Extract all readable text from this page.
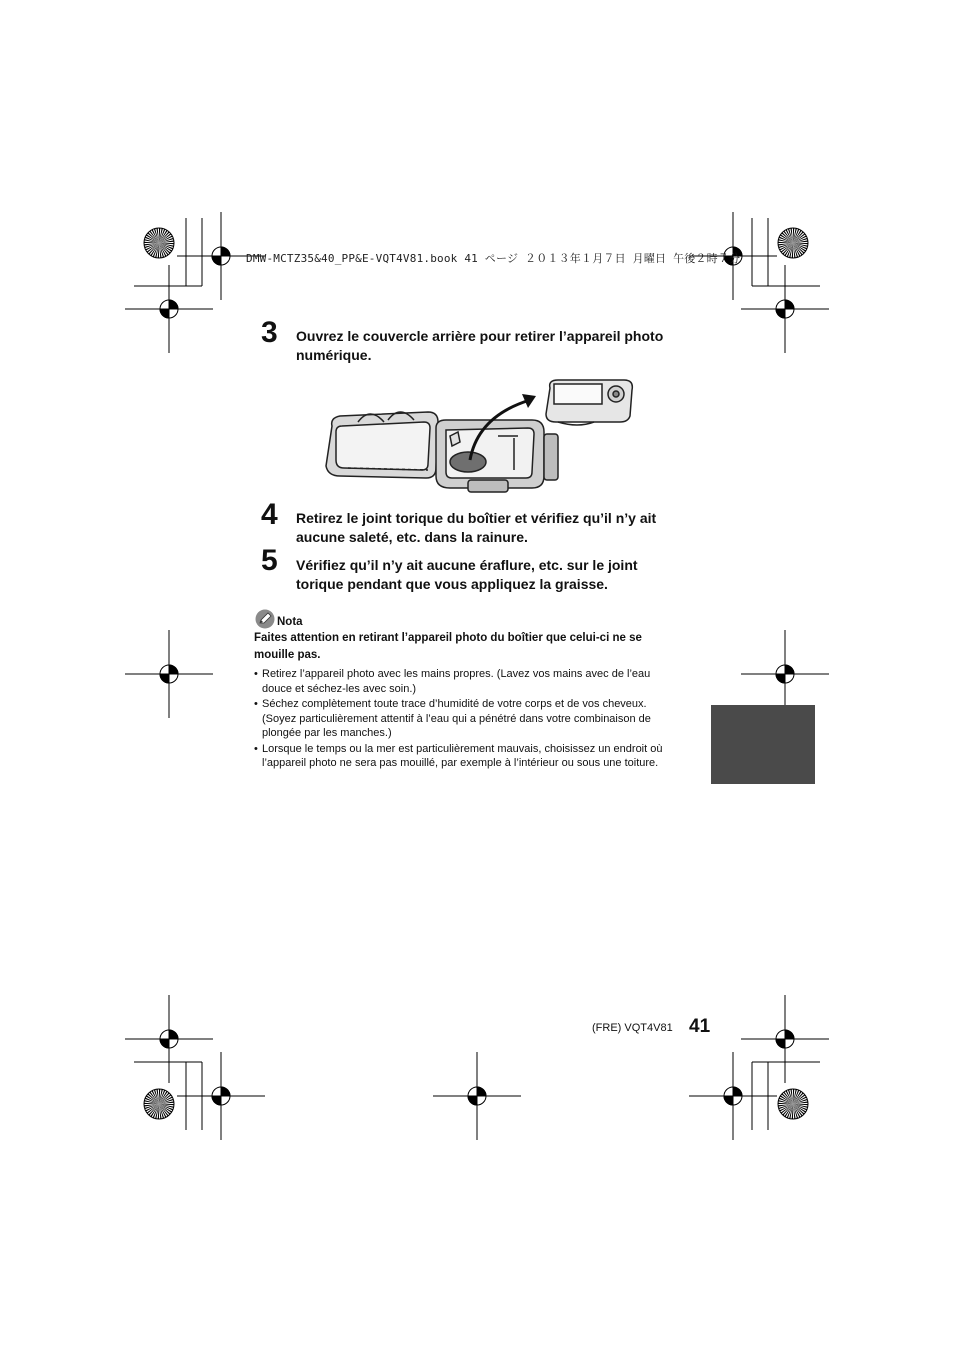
DMW-MCTZ35&40_PP&E-VQT4V81.book 41 ページ ２０１３年１月７日 月曜日 午後２時７分
3 Ouvrez le couvercle arrière pour retirer l’appareil photo
numérique.
4 Retirez le joint torique du boîtier et vérifiez qu’il n’y ait
aucune saleté, etc. dans la rainure.
5 Vérifiez qu’il n’y ait aucune éraflure, etc. sur le joint
torique pendant que vous appliquez la graisse.
Nota
Faites attention en retirant l’appareil photo du boîtier que celui-ci ne se
mouille pas.
• Retirez l’appareil photo avec les mains propres. (Lavez vos mains avec de l’eau
douce et séchez-les avec soin.)
• Séchez complètement toute trace d’humidité de votre corps et de vos cheveux.
(Soyez particulièrement attentif à l’eau qui a pénétré dans votre combinaison de
plongée par les manches.)
• Lorsque le temps ou la mer est particulièrement mauvais, choisissez un endroit où
l’appareil photo ne sera pas mouillé, par exemple à l’intérieur ou sous une toiture.
(FRE) VQT4V81 41
